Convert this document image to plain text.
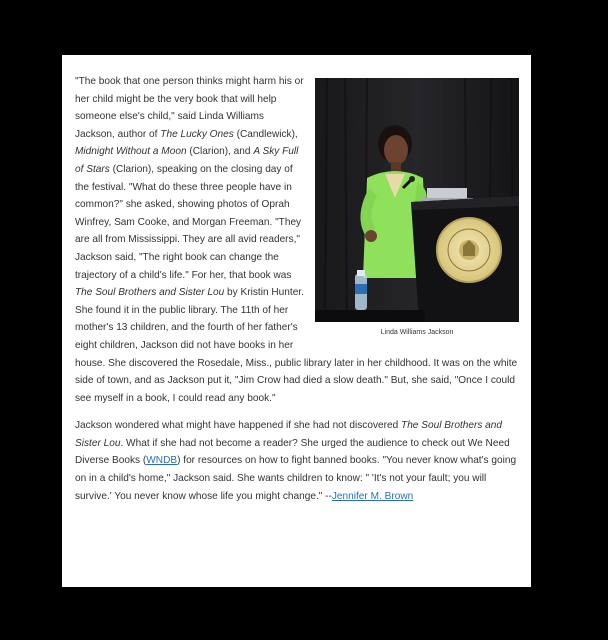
Linda Williams Jackson

"The book that one person thinks might harm his or her child might be the very book that will help someone else's child," said Linda Williams Jackson, author of The Lucky Ones (Candlewick), Midnight Without a Moon (Clarion), and A Sky Full of Stars (Clarion), speaking on the closing day of the festival. "What do these three people have in common?" she asked, showing photos of Oprah Winfrey, Sam Cooke, and Morgan Freeman. "They are all from Mississippi. They are all avid readers," Jackson said, "The right book can change the trajectory of a child's life." For her, that book was The Soul Brothers and Sister Lou by Kristin Hunter. She found it in the public library. The 11th of her mother's 13 children, and the fourth of her father's eight children, Jackson did not have books in her house. She discovered the Rosedale, Miss., public library later in her childhood. It was on the white side of town, and as Jackson put it, "Jim Crow had died a slow death." But, she said, "Once I could see myself in a book, I could read any book."

Jackson wondered what might have happened if she had not discovered The Soul Brothers and Sister Lou. What if she had not become a reader? She urged the audience to check out We Need Diverse Books (WNDB) for resources on how to fight banned books. "You never know what's going on in a child's home," Jackson said. She wants children to know: " 'It's not your fault; you will survive.' You never know whose life you might change." --Jennifer M. Brown
